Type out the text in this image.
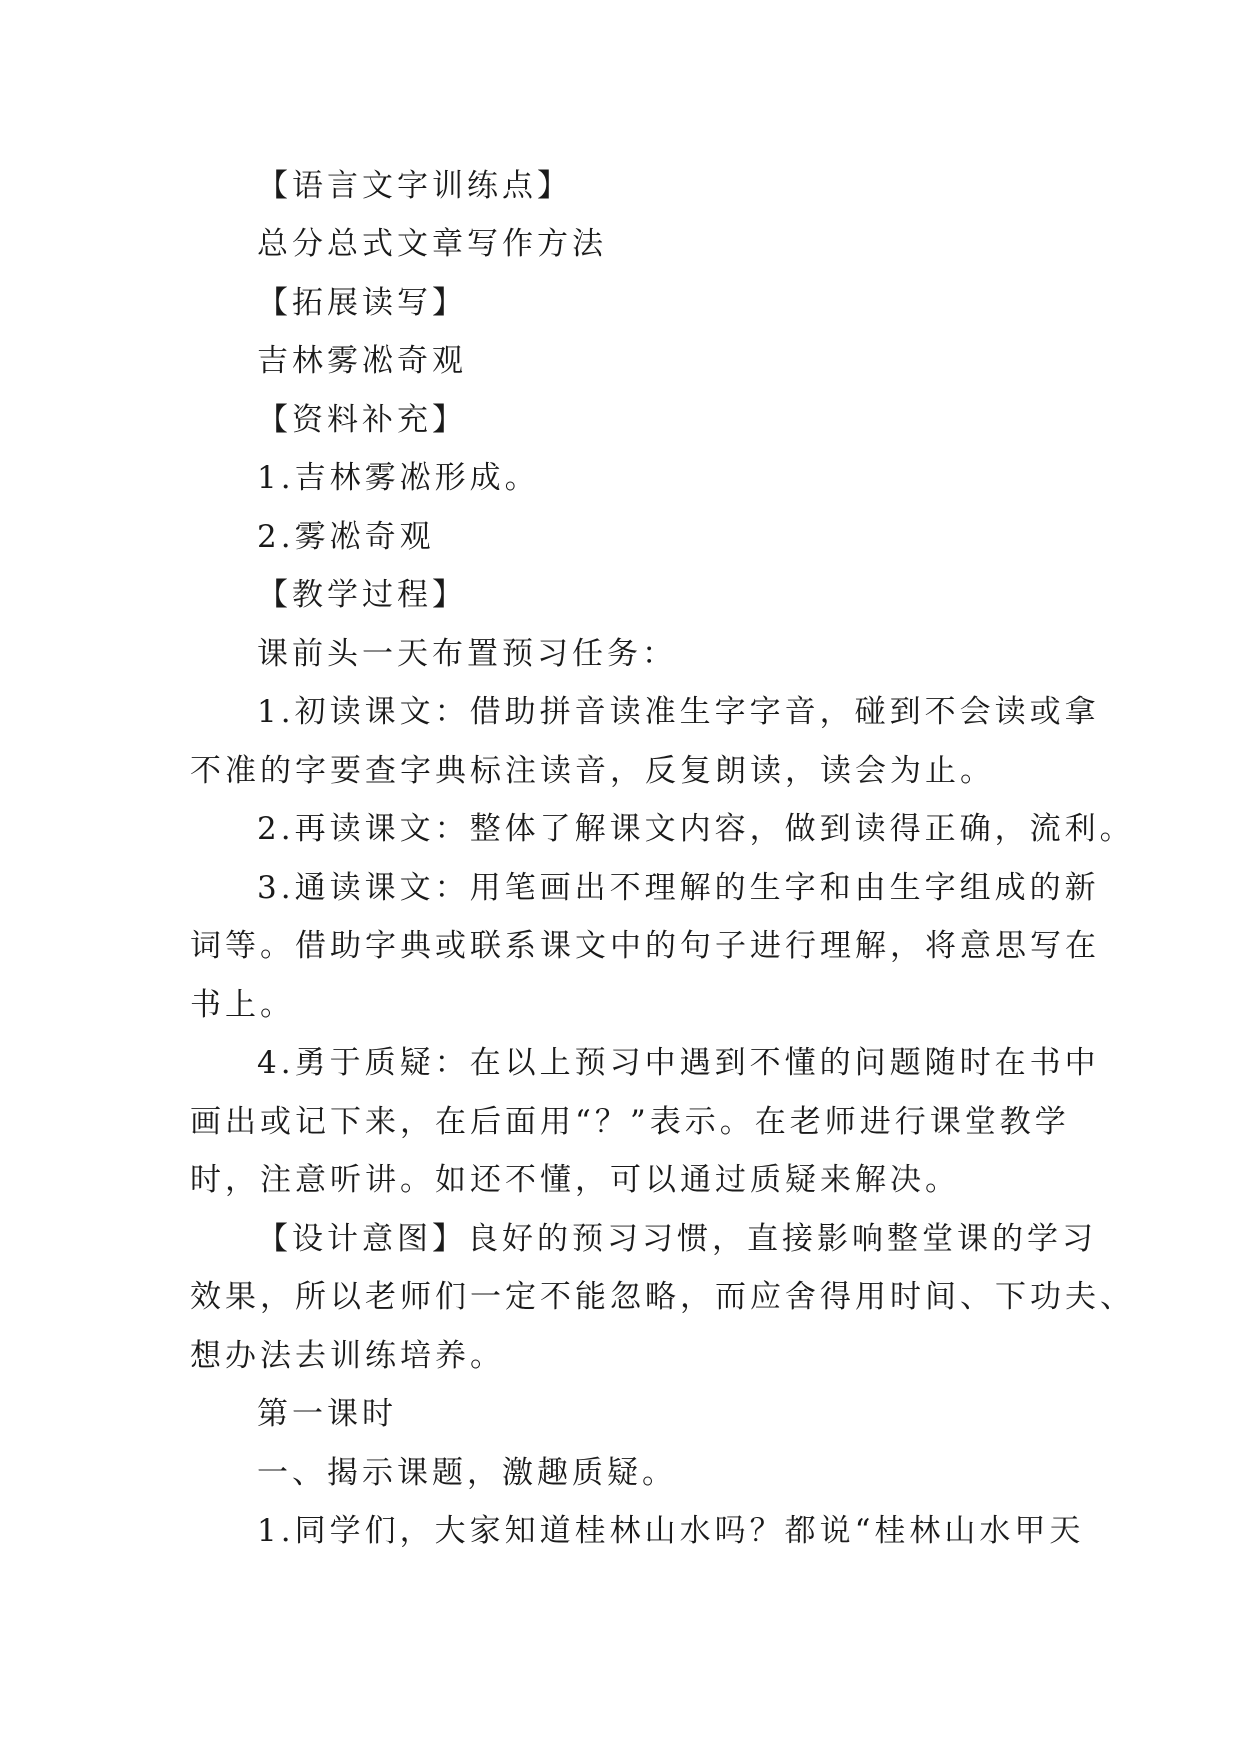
【语言文字训练点】
总分总式文章写作方法
【拓展读写】
吉林雾凇奇观
【资料补充】
1.吉林雾凇形成。
2.雾凇奇观
【教学过程】
课前头一天布置预习任务：
1.初读课文：借助拼音读准生字字音，碰到不会读或拿
不准的字要查字典标注读音，反复朗读，读会为止。
2.再读课文：整体了解课文内容，做到读得正确，流利。
3.通读课文：用笔画出不理解的生字和由生字组成的新
词等。借助字典或联系课文中的句子进行理解，将意思写在
书上。
4.勇于质疑：在以上预习中遇到不懂的问题随时在书中
画出或记下来，在后面用“？”表示。在老师进行课堂教学
时，注意听讲。如还不懂，可以通过质疑来解决。
【设计意图】良好的预习习惯，直接影响整堂课的学习
效果，所以老师们一定不能忽略，而应舍得用时间、下功夫、
想办法去训练培养。
第一课时
一、揭示课题，激趣质疑。
1.同学们，大家知道桂林山水吗？都说“桂林山水甲天
